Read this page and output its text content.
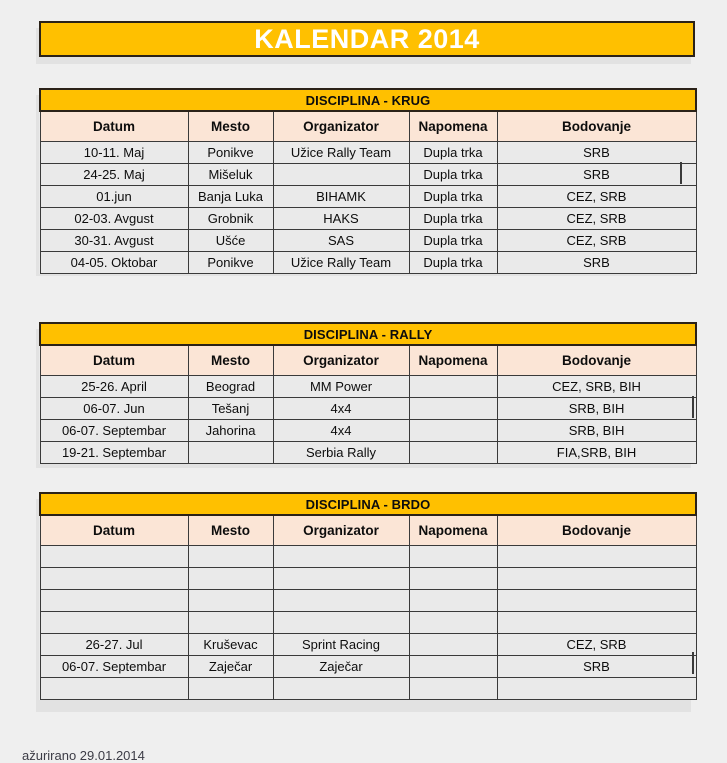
KALENDAR 2014
DISCIPLINA - KRUG				
Datum	Mesto	Organizator	Napomena	Bodovanje
10-11. Maj	Ponikve	Užice Rally Team	Dupla trka	SRB
24-25. Maj	Mišeluk		Dupla trka	SRB
01.jun	Banja Luka	BIHAMK	Dupla trka	CEZ, SRB
02-03. Avgust	Grobnik	HAKS	Dupla trka	CEZ, SRB
30-31. Avgust	Ušće	SAS	Dupla trka	CEZ, SRB
04-05. Oktobar	Ponikve	Užice Rally Team	Dupla trka	SRB
DISCIPLINA - RALLY				
Datum	Mesto	Organizator	Napomena	Bodovanje
25-26. April	Beograd	MM Power		CEZ, SRB, BIH
06-07. Jun	Tešanj	4x4		SRB, BIH
06-07. Septembar	Jahorina	4x4		SRB, BIH
19-21. Septembar		Serbia Rally		FIA,SRB, BIH
DISCIPLINA - BRDO				
Datum	Mesto	Organizator	Napomena	Bodovanje

26-27. Jul	Kruševac	Sprint Racing		CEZ, SRB
06-07. Septembar	Zaječar	Zaječar		SRB

ažurirano 29.01.2014
